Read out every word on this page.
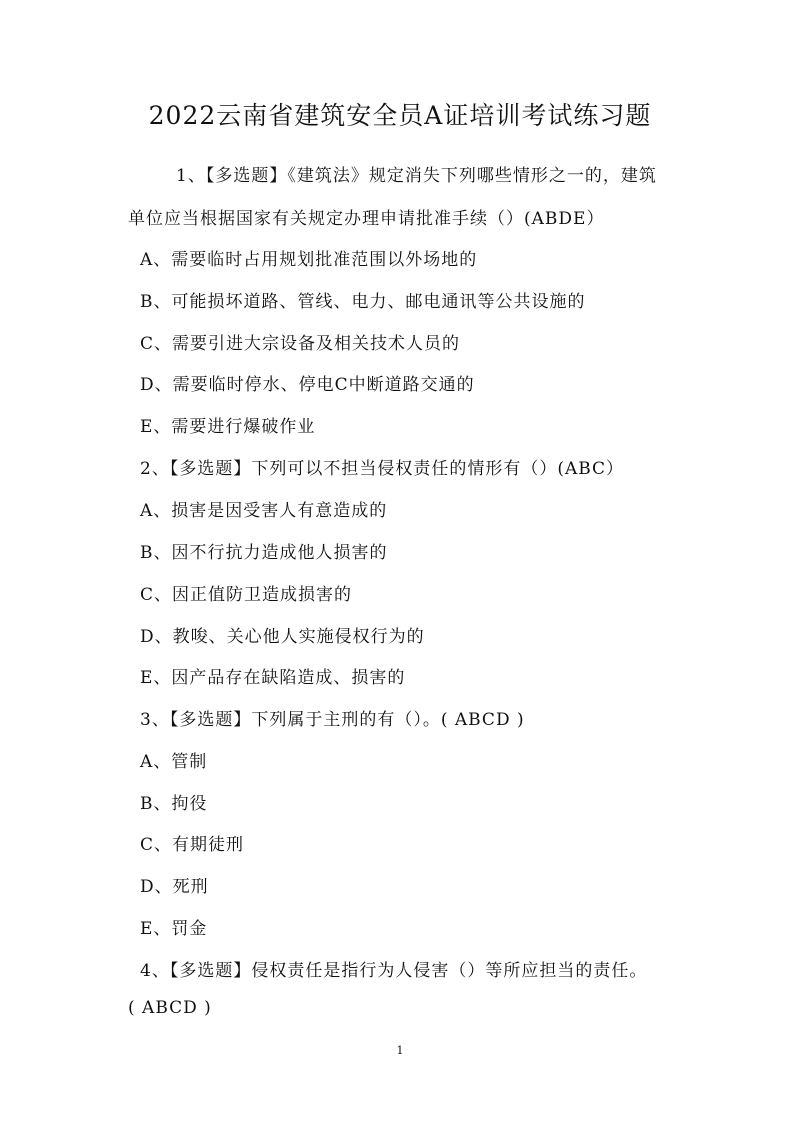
2022云南省建筑安全员A证培训考试练习题
1、【多选题】《建筑法》规定消失下列哪些情形之一的，建筑
单位应当根据国家有关规定办理申请批准手续（）(ABDE）
A、需要临时占用规划批准范围以外场地的
B、可能损坏道路、管线、电力、邮电通讯等公共设施的
C、需要引进大宗设备及相关技术人员的
D、需要临时停水、停电C中断道路交通的
E、需要进行爆破作业
2、【多选题】下列可以不担当侵权责任的情形有（）(ABC）
A、损害是因受害人有意造成的
B、因不行抗力造成他人损害的
C、因正值防卫造成损害的
D、教唆、关心他人实施侵权行为的
E、因产品存在缺陷造成、损害的
3、【多选题】下列属于主刑的有（）。( ABCD )
A、管制
B、拘役
C、有期徒刑
D、死刑
E、罚金
4、【多选题】侵权责任是指行为人侵害（）等所应担当的责任。
( ABCD )
1
